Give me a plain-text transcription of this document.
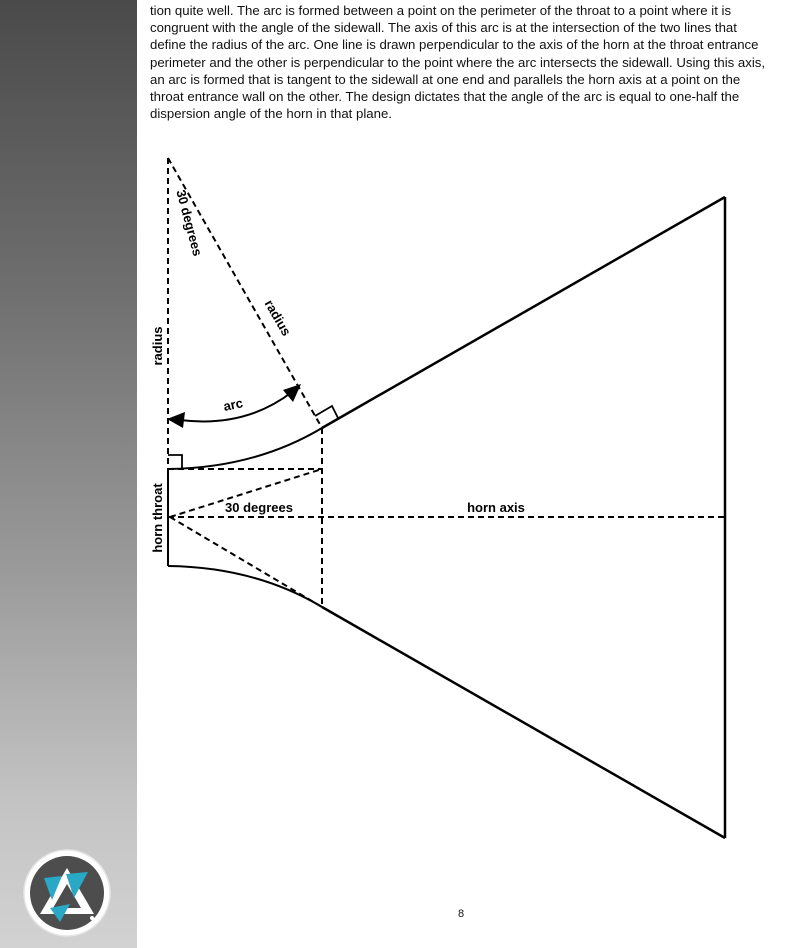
tion quite well. The arc is formed between a point on the perimeter of the throat to a point where it is congruent with the angle of the sidewall. The axis of this arc is at the intersection of the two lines that define the radius of the arc. One line is drawn perpendicular to the axis of the horn at the throat entrance perimeter and the other is perpendicular to the point where the arc intersects the sidewall. Using this axis, an arc is formed that is tangent to the sidewall at one end and parallels the horn axis at a point on the throat entrance wall on the other. The design dictates that the angle of the arc is equal to one-half the dispersion angle of the horn in that plane.

radius
radius
30 degrees
arc
30 degrees	horn axis
horn throat
8
